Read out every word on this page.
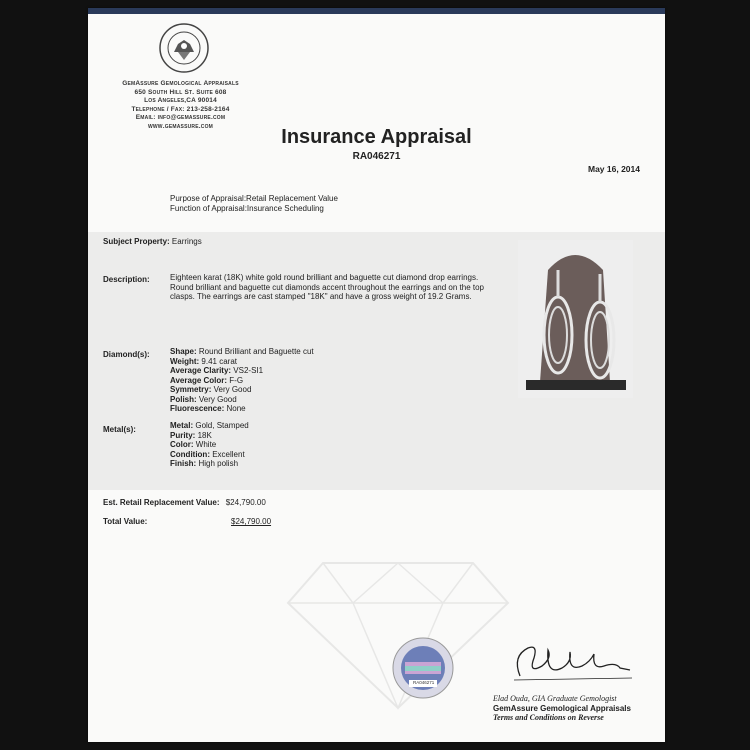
GemAssure Gemological Appraisals
650 South Hill St. Suite 608
Los Angeles,CA 90014
Telephone / Fax: 213-258-2164
Email: info@gemassure.com
www.gemassure.com	Insurance Appraisal
RA046271
May 16, 2014
Purpose of Appraisal:Retail Replacement Value
Function of Appraisal:Insurance Scheduling
Subject Property: Earrings
Description:	Eighteen karat (18K) white gold round brilliant and baguette cut diamond drop earrings.
Round brilliant and baguette cut diamonds accent throughout the earrings and on the top
clasps. The earrings are cast stamped "18K" and have a gross weight of 19.2 Grams.
Diamond(s):	Shape: Round Brilliant and Baguette cut
Weight: 9.41 carat
Average Clarity: VS2-SI1
Average Color: F-G
Symmetry: Very Good
Polish: Very Good
Fluorescence: None
Metal(s):	Metal: Gold, Stamped
Purity: 18K
Color: White
Condition: Excellent
Finish: High polish
Est. Retail Replacement Value: $24,790.00
Total Value:	$24,790.00
RA046271
Elad Ouda, GIA Graduate Gemologist
GemAssure Gemological Appraisals
Terms and Conditions on Reverse
